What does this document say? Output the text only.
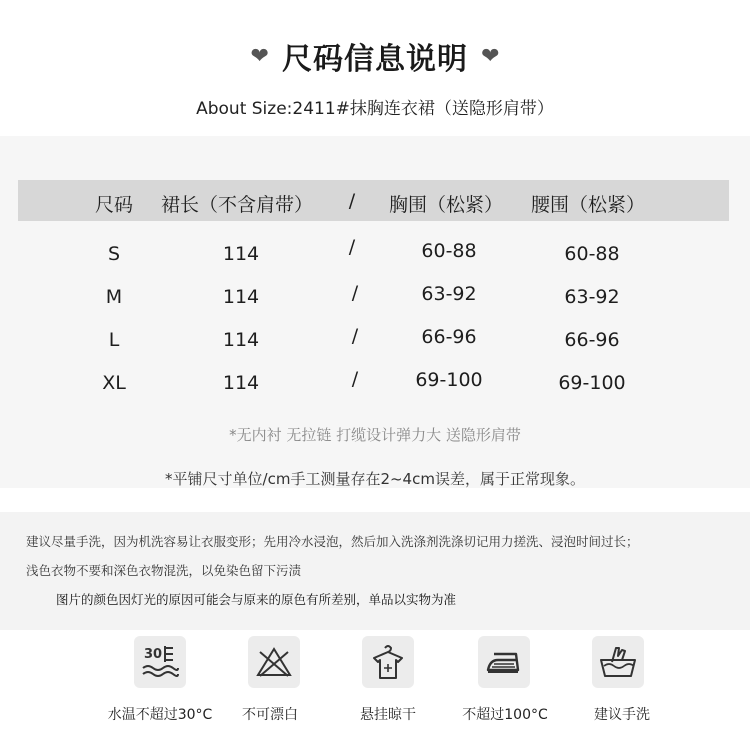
❤ 尺码信息说明 ❤
About Size:2411#抹胸连衣裙（送隐形肩带）
尺码 裙长（不含肩带） / 胸围（松紧） 腰围（松紧）
S	114	/	60-88	60-88
M	114	/	63-92	63-92
L	114	/	66-96	66-96
XL	114	/	69-100	69-100
*无内衬 无拉链 打缆设计弹力大 送隐形肩带
*平铺尺寸单位/cm手工测量存在2~4cm误差，属于正常现象。
建议尽量手洗，因为机洗容易让衣服变形；先用冷水浸泡，然后加入洗涤剂洗涤切记用力搓洗、浸泡时间过长；
浅色衣物不要和深色衣物混洗，以免染色留下污渍
图片的颜色因灯光的原因可能会与原来的原色有所差别，单品以实物为准
30
水温不超过30°C 不可漂白	悬挂晾干	不超过100°C	建议手洗
